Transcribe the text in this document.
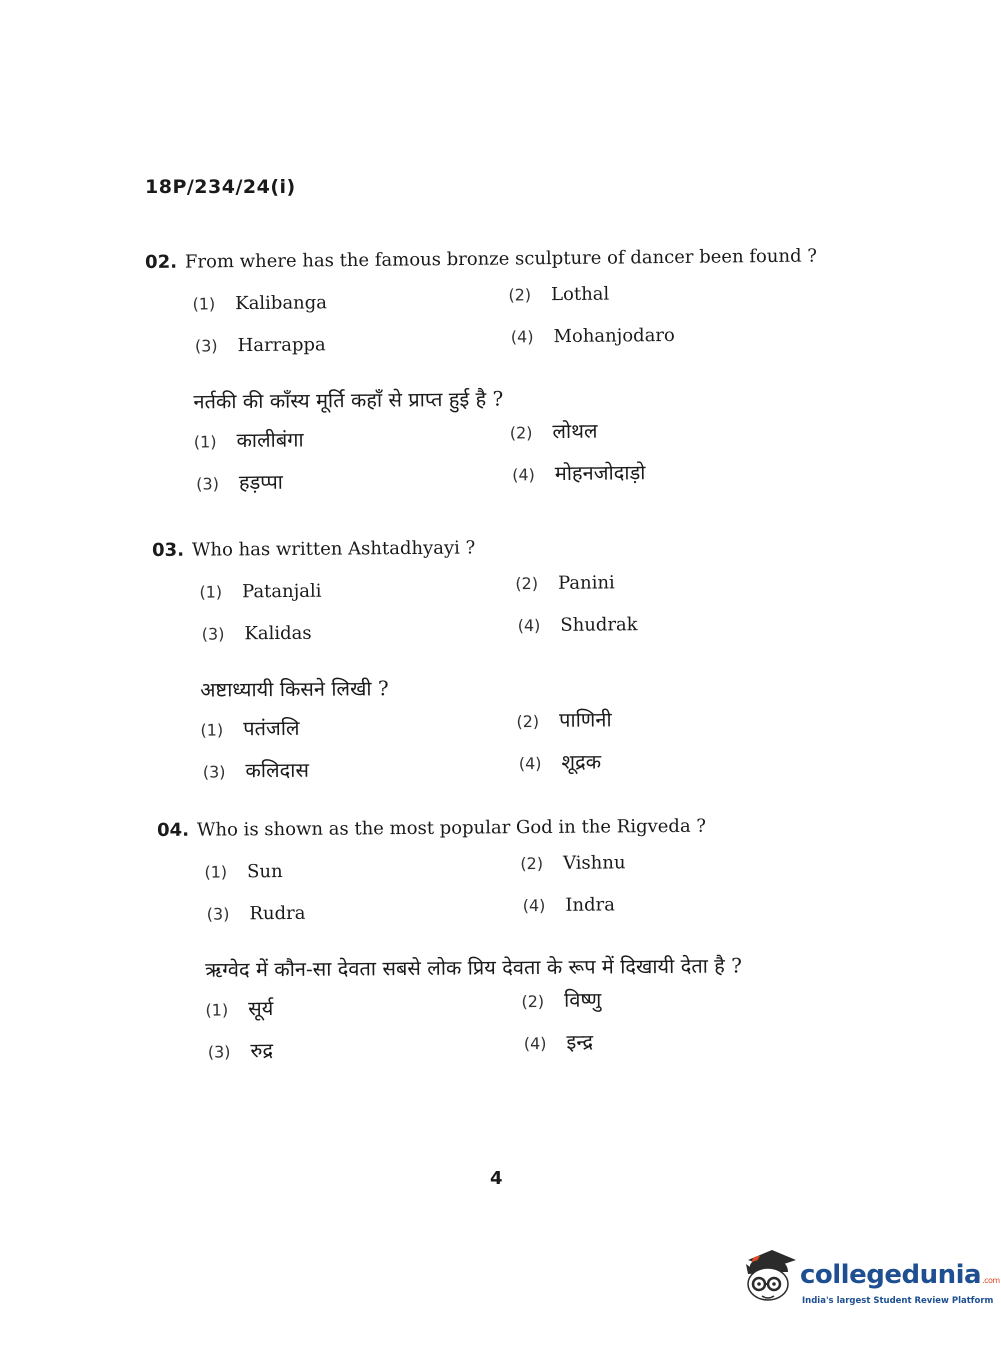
18P/234/24(i)
02. From where has the famous bronze sculpture of dancer been found ?
(1) Kalibanga	(2) Lothal
(3) Harrappa	(4) Mohanjodaro
नर्तकी की काँस्य मूर्ति कहाँ से प्राप्त हुई है ?
(1) कालीबंगा	(2) लोथल
(3) हड़प्पा	(4) मोहनजोदाड़ो
03. Who has written Ashtadhyayi ?
(1) Patanjali	(2) Panini
(3) Kalidas	(4) Shudrak
अष्टाध्यायी किसने लिखी ?
(1) पतंजलि	(2) पाणिनी
(3) कलिदास	(4) शूद्रक
04. Who is shown as the most popular God in the Rigveda ?
(1) Sun	(2) Vishnu
(3) Rudra	(4) Indra
ऋग्वेद में कौन-सा देवता सबसे लोक प्रिय देवता के रूप में दिखायी देता है ?
(1) सूर्य	(2) विष्णु
(3) रुद्र	(4) इन्द्र
4
collegedunia.com
India's largest Student Review Platform
